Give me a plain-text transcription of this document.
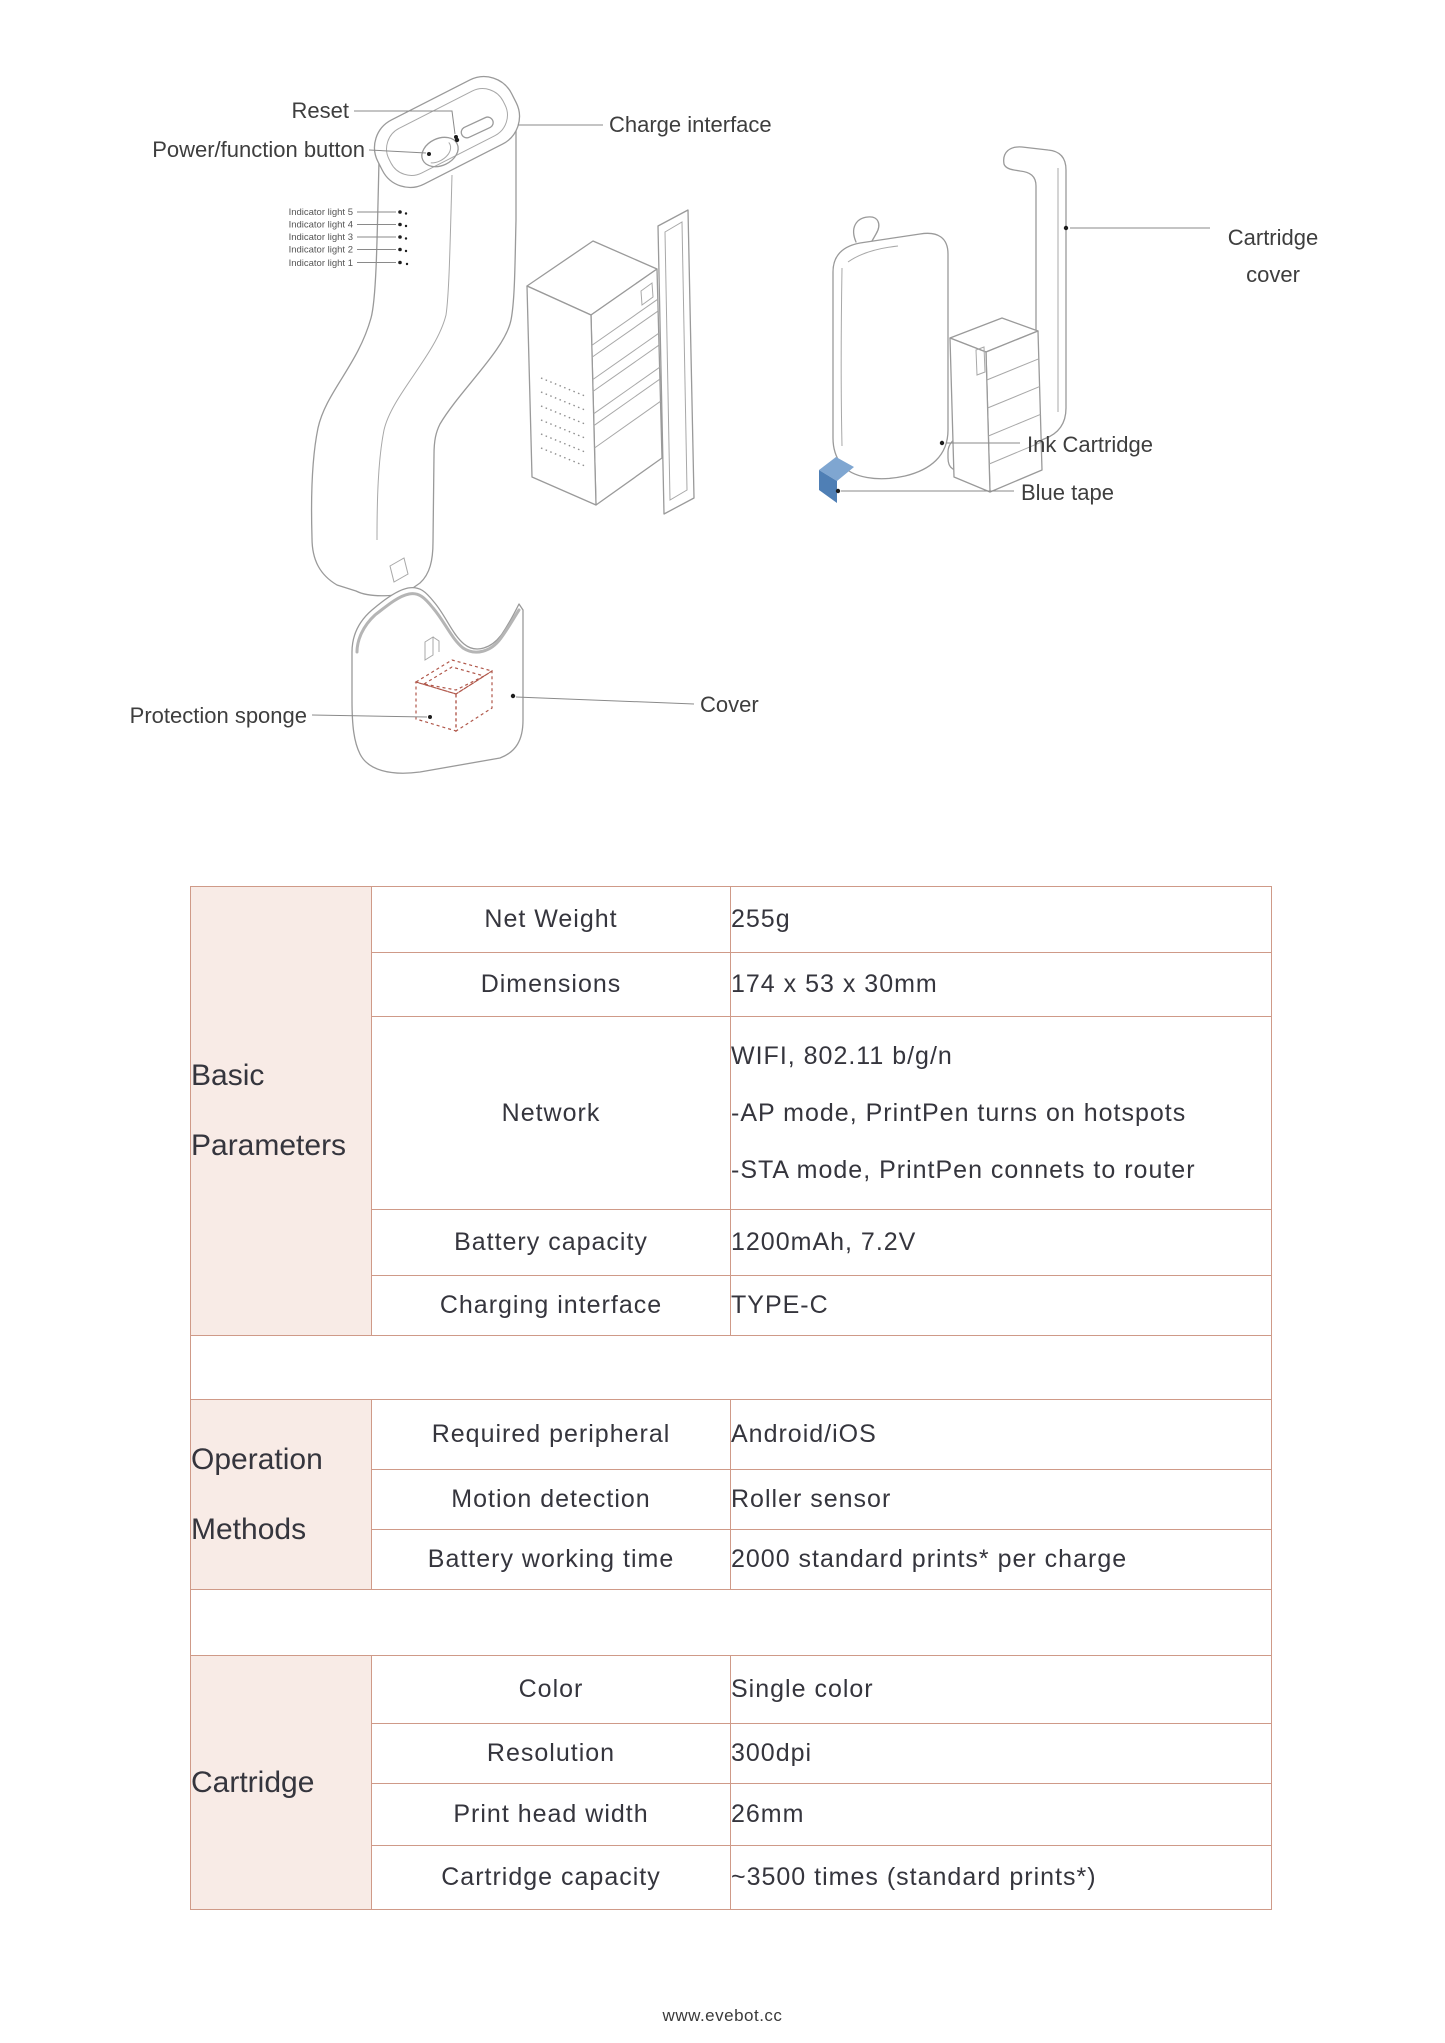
Reset
Power/function button
Charge interface
Cartridge
cover
Ink Cartridge
Blue tape
Cover
Protection sponge
Indicator light 5
Indicator light 4
Indicator light 3
Indicator light 2
Indicator light 1
Basic
Parameters	Net Weight	255g
	Dimensions	174 x 53 x 30mm
	Network	WIFI, 802.11 b/g/n
-AP mode, PrintPen turns on hotspots
-STA mode, PrintPen connets to router

	Battery capacity	1200mAh, 7.2V
	Charging interface	TYPE-C

Operation
Methods	Required peripheral	Android/iOS
	Motion detection	Roller sensor
	Battery working time	2000 standard prints* per charge

Cartridge	Color	Single color
	Resolution	300dpi
	Print head width	26mm
	Cartridge capacity	~3500 times (standard prints*)
www.evebot.cc
